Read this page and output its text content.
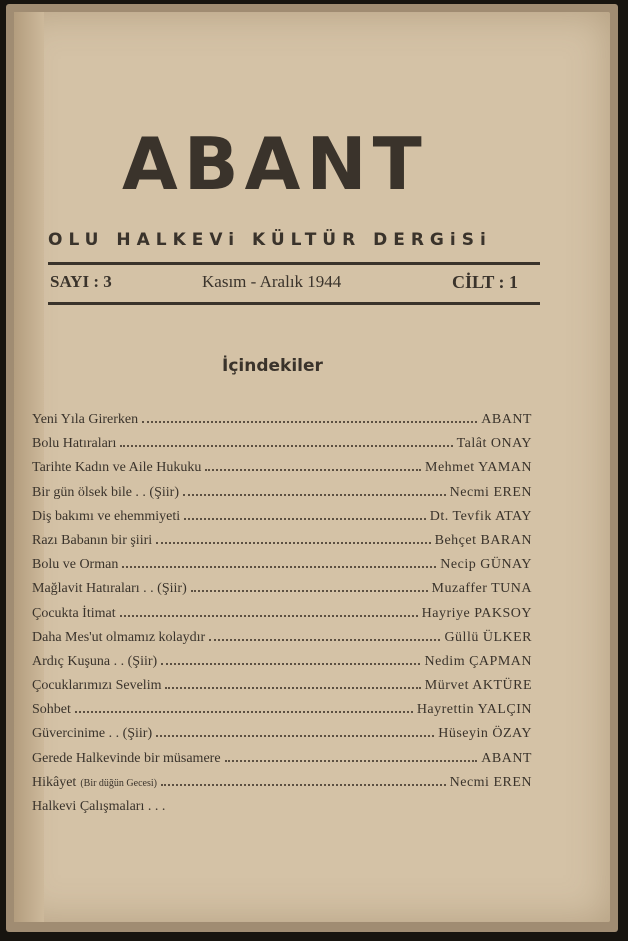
ABANT
OLU HALKEVi KÜLTÜR DERGiSi
SAYI : 3	Kasım - Aralık 1944	CİLT : 1
İçindekiler
Yeni Yıla Girerken	ABANT
Bolu Hatıraları	Talât ONAY
Tarihte Kadın ve Aile Hukuku	Mehmet YAMAN
Bir gün ölsek bile . . (Şiir)	Necmi EREN
Diş bakımı ve ehemmiyeti	Dt. Tevfik ATAY
Razı Babanın bir şiiri	Behçet BARAN
Bolu ve Orman	Necip GÜNAY
Mağlavit Hatıraları . . (Şiir)	Muzaffer TUNA
Çocukta İtimat	Hayriye PAKSOY
Daha Mes'ut olmamız kolaydır	Güllü ÜLKER
Ardıç Kuşuna . . (Şiir)	Nedim ÇAPMAN
Çocuklarımızı Sevelim	Mürvet AKTÜRE
Sohbet	Hayrettin YALÇIN
Güvercinime . . (Şiir)	Hüseyin ÖZAY
Gerede Halkevinde bir müsamere	ABANT
Hikâyet (Bir düğün Gecesi)	Necmi EREN
Halkevi Çalışmaları . . .
